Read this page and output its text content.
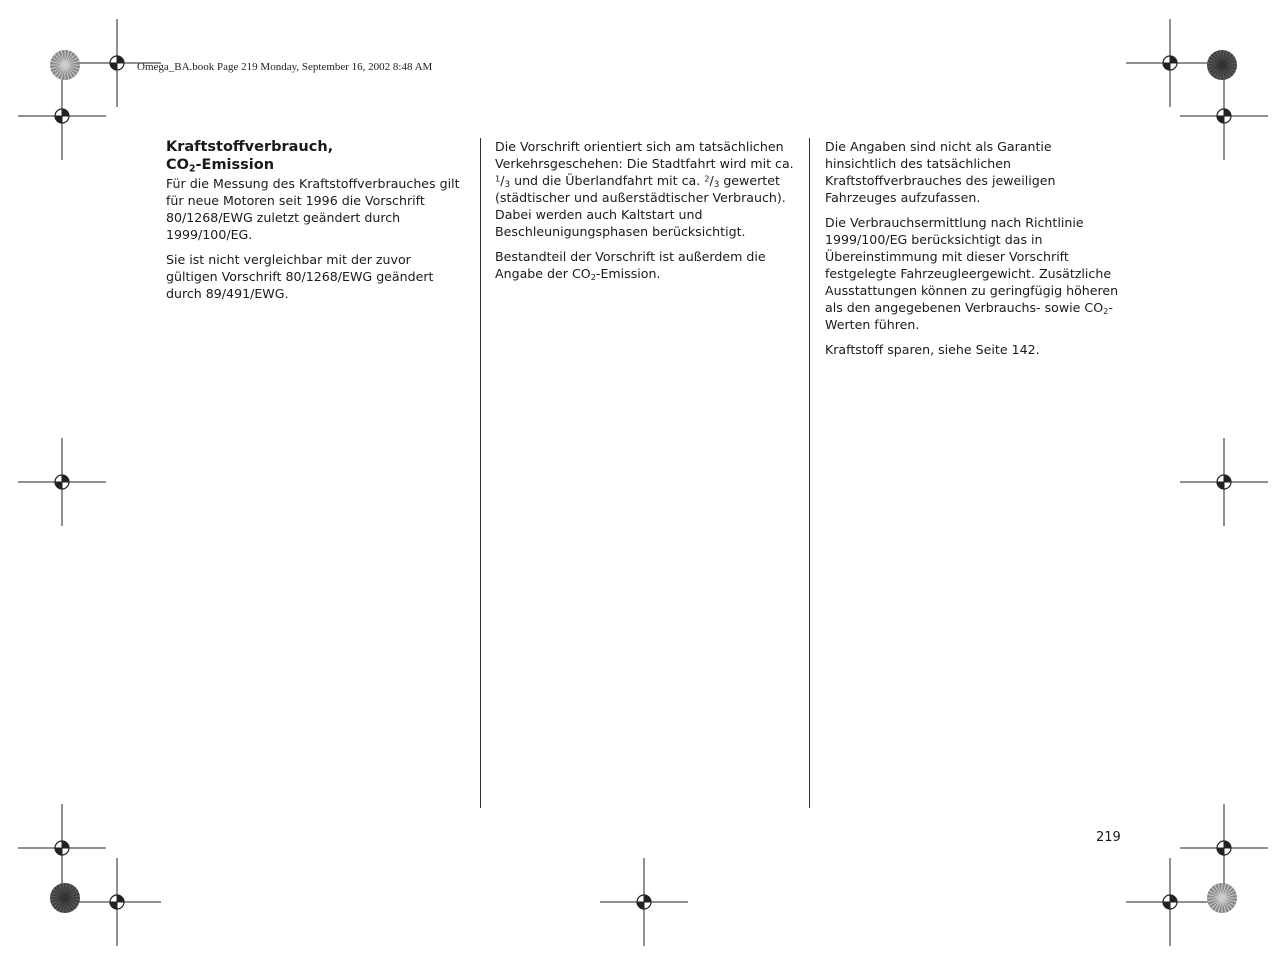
Omega_BA.book Page 219 Monday, September 16, 2002 8:48 AM
Kraftstoffverbrauch,
$CO_2$-Emission

Für die Messung des Kraftstoffverbrauches gilt für neue Motoren seit 1996 die Vorschrift 80/1268/EWG zuletzt geändert durch 1999/100/EG.

Sie ist nicht vergleichbar mit der zuvor gültigen Vorschrift 80/1268/EWG geändert durch 89/491/EWG.

Die Vorschrift orientiert sich am tatsächlichen Verkehrsgeschehen: Die Stadtfahrt wird mit ca. $^1/_3$ und die Überlandfahrt mit ca. $^2/_3$ gewertet (städtischer und außerstädtischer Verbrauch). Dabei werden auch Kaltstart und Beschleunigungsphasen berücksichtigt.

Bestandteil der Vorschrift ist außerdem die Angabe der $CO_2$-Emission.

Die Angaben sind nicht als Garantie hinsichtlich des tatsächlichen Kraftstoffverbrauches des jeweiligen Fahrzeuges aufzufassen.

Die Verbrauchsermittlung nach Richtlinie 1999/100/EG berücksichtigt das in Übereinstimmung mit dieser Vorschrift festgelegte Fahrzeugleergewicht. Zusätzliche Ausstattungen können zu geringfügig höheren als den angegebenen Verbrauchs- sowie $CO_2$-Werten führen.

Kraftstoff sparen, siehe Seite 142.

219
